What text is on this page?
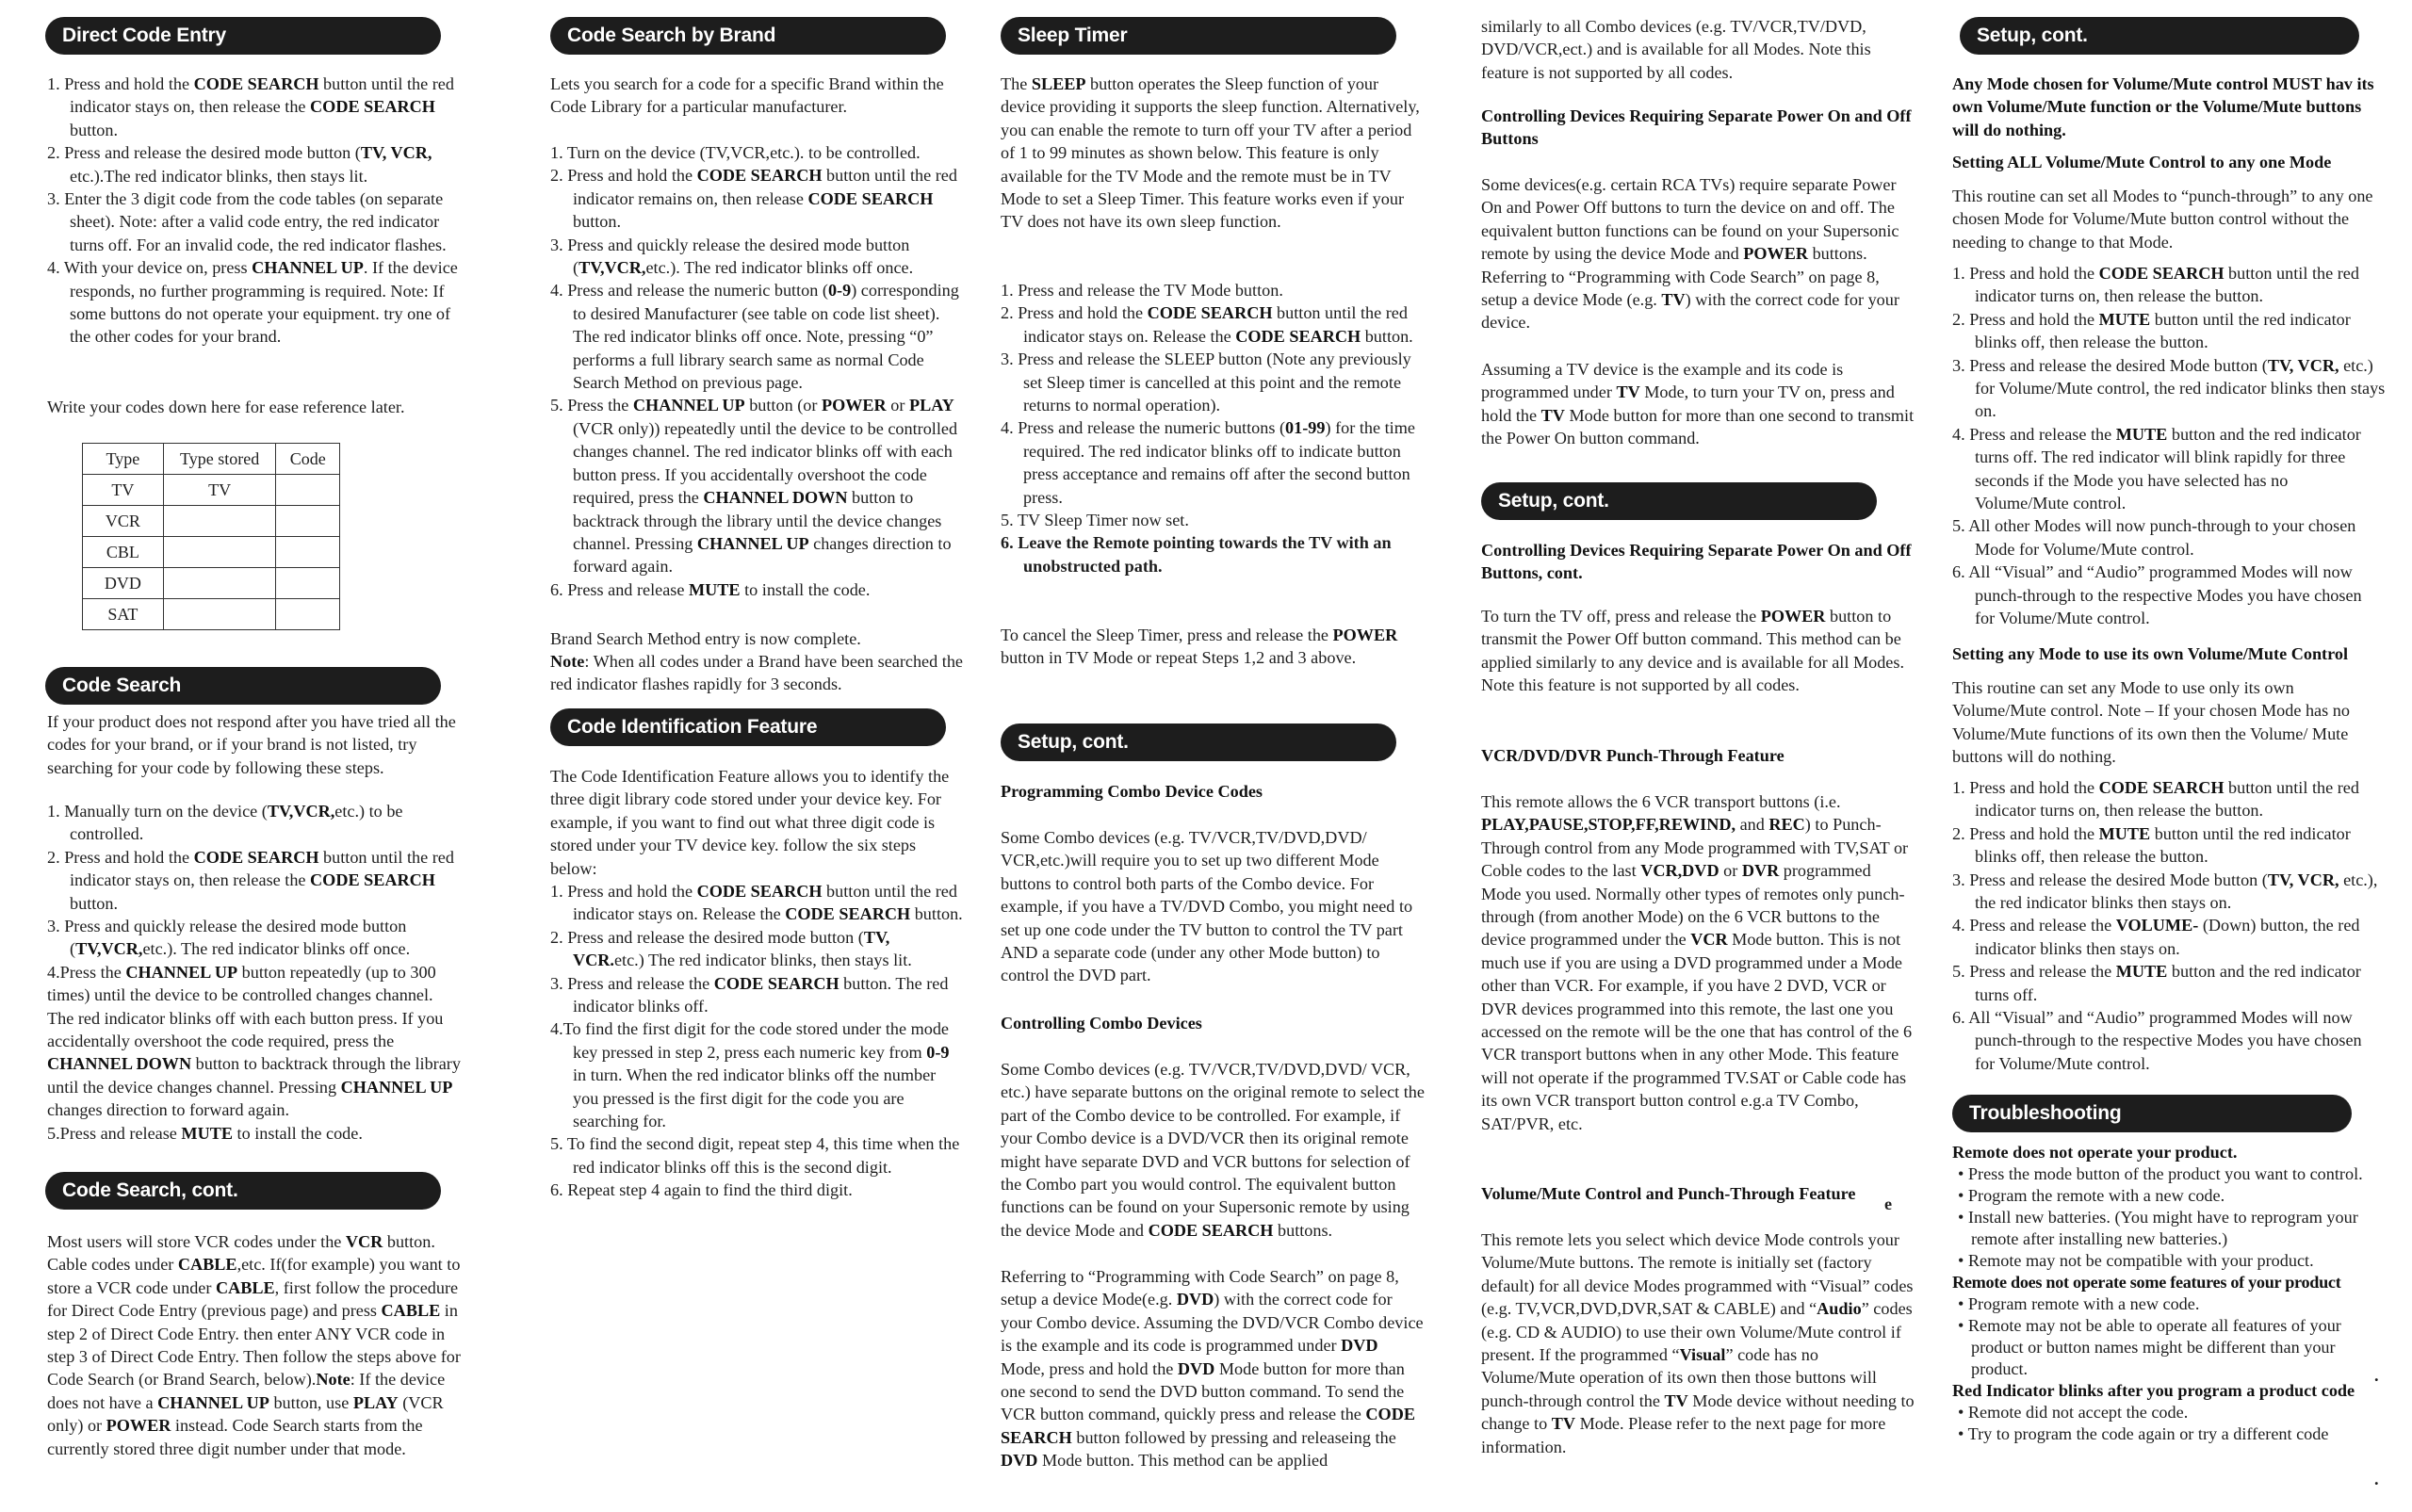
Direct Code Entry
1. Press and hold the CODE SEARCH button until the red indicator stays on, then release the CODE SEARCH button.
2. Press and release the desired mode button (TV, VCR, etc.).The red indicator blinks, then stays lit.
3. Enter the 3 digit code from the code tables (on separate sheet). Note: after a valid code entry, the red indicator turns off. For an invalid code, the red indicator flashes.
4. With your device on, press CHANNEL UP. If the device responds, no further programming is required. Note: If some buttons do not operate your equipment. try one of the other codes for your brand.

Write your codes down here for ease reference later.

Type	Type stored	Code
TV	TV	
VCR		
CBL		
DVD		
SAT		
Code Search

If your product does not respond after you have tried all the codes for your brand, or if your brand is not listed, try searching for your code by following these steps.

1. Manually turn on the device (TV,VCR,etc.) to be controlled.
2. Press and hold the CODE SEARCH button until the red indicator stays on, then release the CODE SEARCH button.
3. Press and quickly release the desired mode button (TV,VCR,etc.). The red indicator blinks off once.
4.Press the CHANNEL UP button repeatedly (up to 300 times) until the device to be controlled changes channel. The red indicator blinks off with each button press. If you accidentally overshoot the code required, press the CHANNEL DOWN button to backtrack through the library until the device changes channel. Pressing CHANNEL UP changes direction to forward again.
5.Press and release MUTE to install the code.
Code Search, cont.

Most users will store VCR codes under the VCR button. Cable codes under CABLE,etc. If(for example) you want to store a VCR code under CABLE, first follow the procedure for Direct Code Entry (previous page) and press CABLE in step 2 of Direct Code Entry. then enter ANY VCR code in step 3 of Direct Code Entry. Then follow the steps above for Code Search (or Brand Search, below).Note: If the device does not have a CHANNEL UP button, use PLAY (VCR only) or POWER instead. Code Search starts from the currently stored three digit number under that mode.

Code Search by Brand

Lets you search for a code for a specific Brand within the Code Library for a particular manufacturer.

1. Turn on the device (TV,VCR,etc.). to be controlled.
2. Press and hold the CODE SEARCH button until the red indicator remains on, then release CODE SEARCH button.
3. Press and quickly release the desired mode button (TV,VCR,etc.). The red indicator blinks off once.
4. Press and release the numeric button (0-9) corresponding to desired Manufacturer (see table on code list sheet). The red indicator blinks off once. Note, pressing “0” performs a full library search same as normal Code Search Method on previous page.
5. Press the CHANNEL UP button (or POWER or PLAY (VCR only)) repeatedly until the device to be controlled changes channel. The red indicator blinks off with each button press. If you accidentally overshoot the code required, press the CHANNEL DOWN button to backtrack through the library until the device changes channel. Pressing CHANNEL UP changes direction to forward again.
6. Press and release MUTE to install the code.

Brand Search Method entry is now complete.

Note: When all codes under a Brand have been searched the red indicator flashes rapidly for 3 seconds.

Code Identification Feature

The Code Identification Feature allows you to identify the three digit library code stored under your device key. For example, if you want to find out what three digit code is stored under your TV device key. follow the six steps below:

1. Press and hold the CODE SEARCH button until the red indicator stays on. Release the CODE SEARCH button.
2. Press and release the desired mode button (TV, VCR.etc.) The red indicator blinks, then stays lit.
3. Press and release the CODE SEARCH button. The red indicator blinks off.
4.To find the first digit for the code stored under the mode key pressed in step 2, press each numeric key from 0-9 in turn. When the red indicator blinks off the number you pressed is the first digit for the code you are searching for.
5. To find the second digit, repeat step 4, this time when the red indicator blinks off this is the second digit.
6. Repeat step 4 again to find the third digit.
Sleep Timer

The SLEEP button operates the Sleep function of your device providing it supports the sleep function. Alternatively, you can enable the remote to turn off your TV after a period of 1 to 99 minutes as shown below. This feature is only available for the TV Mode and the remote must be in TV Mode to set a Sleep Timer. This feature works even if your TV does not have its own sleep function.

1. Press and release the TV Mode button.
2. Press and hold the CODE SEARCH button until the red indicator stays on. Release the CODE SEARCH button.
3. Press and release the SLEEP button (Note any previously set Sleep timer is cancelled at this point and the remote returns to normal operation).
4. Press and release the numeric buttons (01-99) for the time required. The red indicator blinks off to indicate button press acceptance and remains off after the second button press.
5. TV Sleep Timer now set.
6. Leave the Remote pointing towards the TV with an unobstructed path.

To cancel the Sleep Timer, press and release the POWER button in TV Mode or repeat Steps 1,2 and 3 above.

Setup, cont.

Programming Combo Device Codes

Some Combo devices (e.g. TV/VCR,TV/DVD,DVD/ VCR,etc.)will require you to set up two different Mode buttons to control both parts of the Combo device. For example, if you have a TV/DVD Combo, you might need to set up one code under the TV button to control the TV part AND a separate code (under any other Mode button) to control the DVD part.

Controlling Combo Devices

Some Combo devices (e.g. TV/VCR,TV/DVD,DVD/ VCR, etc.) have separate buttons on the original remote to select the part of the Combo device to be controlled. For example, if your Combo device is a DVD/VCR then its original remote might have separate DVD and VCR buttons for selection of the Combo part you would control. The equivalent button functions can be found on your Supersonic remote by using the device Mode and CODE SEARCH buttons.

Referring to “Programming with Code Search” on page 8, setup a device Mode(e.g. DVD) with the correct code for your Combo device. Assuming the DVD/VCR Combo device is the example and its code is programmed under DVD Mode, press and hold the DVD Mode button for more than one second to send the DVD button command. To send the VCR button command, quickly press and release the CODE SEARCH button followed by pressing and releaseing the DVD Mode button. This method can be applied

similarly to all Combo devices (e.g. TV/VCR,TV/DVD, DVD/VCR,ect.) and is available for all Modes. Note this feature is not supported by all codes.

Controlling Devices Requiring Separate Power On and Off Buttons

Some devices(e.g. certain RCA TVs) require separate Power On and Power Off buttons to turn the device on and off. The equivalent button functions can be found on your Supersonic remote by using the device Mode and POWER buttons. Referring to “Programming with Code Search” on page 8, setup a device Mode (e.g. TV) with the correct code for your device.

Assuming a TV device is the example and its code is programmed under TV Mode, to turn your TV on, press and hold the TV Mode button for more than one second to transmit the Power On button command.

Setup, cont.

Controlling Devices Requiring Separate Power On and Off Buttons, cont.

To turn the TV off, press and release the POWER button to transmit the Power Off button command. This method can be applied similarly to any device and is available for all Modes. Note this feature is not supported by all codes.

VCR/DVD/DVR Punch-Through Feature

This remote allows the 6 VCR transport buttons (i.e. PLAY,PAUSE,STOP,FF,REWIND, and REC) to Punch-Through control from any Mode programmed with TV,SAT or Coble codes to the last VCR,DVD or DVR programmed Mode you used. Normally other types of remotes only punch-through (from another Mode) on the 6 VCR buttons to the device programmed under the VCR Mode button. This is not much use if you are using a DVD programmed under a Mode other than VCR. For example, if you have 2 DVD, VCR or DVR devices programmed into this remote, the last one you accessed on the remote will be the one that has control of the 6 VCR transport buttons when in any other Mode. This feature will not operate if the programmed TV.SAT or Cable code has its own VCR transport button control e.g.a TV Combo, SAT/PVR, etc.

Volume/Mute Control and Punch-Through Feature

e

This remote lets you select which device Mode controls your Volume/Mute buttons. The remote is initially set (factory default) for all device Modes programmed with “Visual” codes (e.g. TV,VCR,DVD,DVR,SAT & CABLE) and “Audio” codes (e.g. CD & AUDIO) to use their own Volume/Mute control if present. If the programmed “Visual” code has no Volume/Mute operation of its own then those buttons will punch-through control the TV Mode device without needing to change to TV Mode. Please refer to the next page for more information.

Setup, cont.

Any Mode chosen for Volume/Mute control MUST hav its own Volume/Mute function or the Volume/Mute buttons will do nothing.

Setting ALL Volume/Mute Control to any one Mode

This routine can set all Modes to “punch-through” to any one chosen Mode for Volume/Mute button control without the needing to change to that Mode.

1. Press and hold the CODE SEARCH button until the red indicator turns on, then release the button.
2. Press and hold the MUTE button until the red indicator blinks off, then release the button.
3. Press and release the desired Mode button (TV, VCR, etc.) for Volume/Mute control, the red indicator blinks then stays on.
4. Press and release the MUTE button and the red indicator turns off. The red indicator will blink rapidly for three seconds if the Mode you have selected has no Volume/Mute control.
5. All other Modes will now punch-through to your chosen Mode for Volume/Mute control.
6. All “Visual” and “Audio” programmed Modes will now punch-through to the respective Modes you have chosen for Volume/Mute control.

Setting any Mode to use its own Volume/Mute Control

This routine can set any Mode to use only its own Volume/Mute control. Note – If your chosen Mode has no Volume/Mute functions of its own then the Volume/ Mute buttons will do nothing.

1. Press and hold the CODE SEARCH button until the red indicator turns on, then release the button.
2. Press and hold the MUTE button until the red indicator blinks off, then release the button.
3. Press and release the desired Mode button (TV, VCR, etc.), the red indicator blinks then stays on.
4. Press and release the VOLUME- (Down) button, the red indicator blinks then stays on.
5. Press and release the MUTE button and the red indicator turns off.
6. All “Visual” and “Audio” programmed Modes will now punch-through to the respective Modes you have chosen for Volume/Mute control.
Troubleshooting

Remote does not operate your product.

• Press the mode button of the product you want to control.

• Program the remote with a new code.

• Install new batteries. (You might have to reprogram your remote after installing new batteries.)

• Remote may not be compatible with your product.

Remote does not operate some features of your product

• Program remote with a new code.

• Remote may not be able to operate all features of your product or button names might be different than your product.

Red Indicator blinks after you program a product code

• Remote did not accept the code.

• Try to program the code again or try a different code

.
.
